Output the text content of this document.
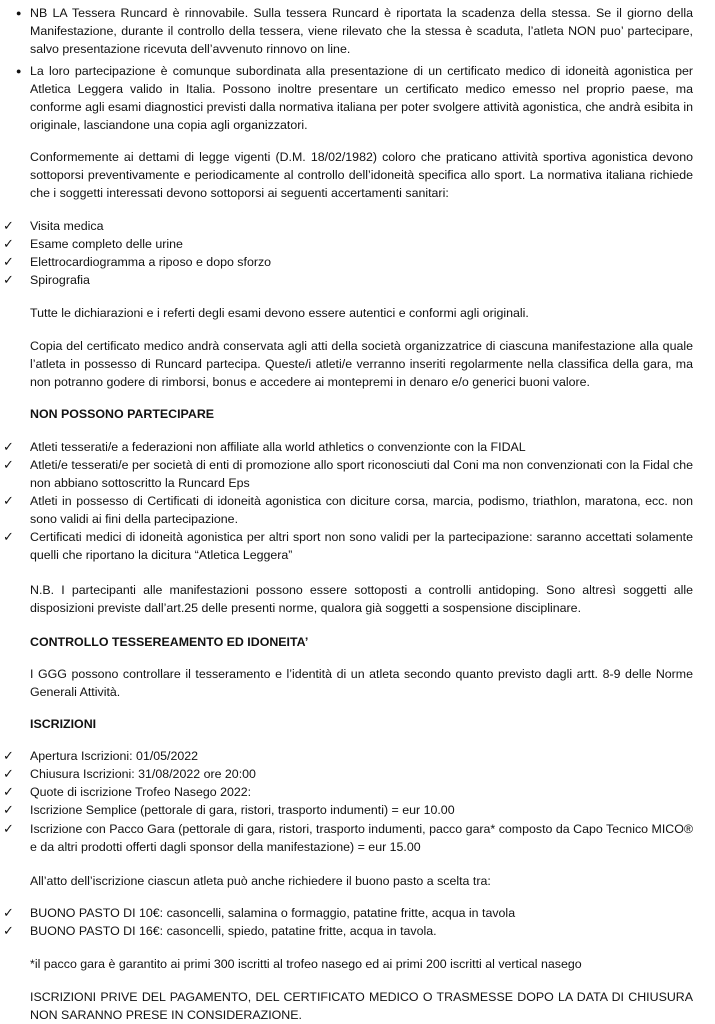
● NB LA Tessera Runcard è rinnovabile. Sulla tessera Runcard è riportata la scadenza della stessa. Se il giorno della Manifestazione, durante il controllo della tessera, viene rilevato che la stessa è scaduta, l’atleta NON puo’ partecipare, salvo presentazione ricevuta dell’avvenuto rinnovo on line.
● La loro partecipazione è comunque subordinata alla presentazione di un certificato medico di idoneità agonistica per Atletica Leggera valido in Italia. Possono inoltre presentare un certificato medico emesso nel proprio paese, ma conforme agli esami diagnostici previsti dalla normativa italiana per poter svolgere attività agonistica, che andrà esibita in originale, lasciandone una copia agli organizzatori.

Conformemente ai dettami di legge vigenti (D.M. 18/02/1982) coloro che praticano attività sportiva agonistica devono sottoporsi preventivamente e periodicamente al controllo dell’idoneità specifica allo sport. La normativa italiana richiede che i soggetti interessati devono sottoporsi ai seguenti accertamenti sanitari:

✓	Visita medica
✓	Esame completo delle urine
✓	Elettrocardiogramma a riposo e dopo sforzo
✓	Spirografia

Tutte le dichiarazioni e i referti degli esami devono essere autentici e conformi agli originali.

Copia del certificato medico andrà conservata agli atti della società organizzatrice di ciascuna manifestazione alla quale l’atleta in possesso di Runcard partecipa. Queste/i atleti/e verranno inseriti regolarmente nella classifica della gara, ma non potranno godere di rimborsi, bonus e accedere ai montepremi in denaro e/o generici buoni valore.

NON POSSONO PARTECIPARE
✓	Atleti tesserati/e a federazioni non affiliate alla world athletics o convenzionte con la FIDAL
✓	Atleti/e tesserati/e per società di enti di promozione allo sport riconosciuti dal Coni ma non convenzionati con la Fidal che non abbiano sottoscritto la Runcard Eps
✓	Atleti in possesso di Certificati di idoneità agonistica con diciture corsa, marcia, podismo, triathlon, maratona, ecc. non sono validi ai fini della partecipazione.
✓	Certificati medici di idoneità agonistica per altri sport non sono validi per la partecipazione: saranno accettati solamente quelli che riportano la dicitura “Atletica Leggera”

N.B. I partecipanti alle manifestazioni possono essere sottoposti a controlli antidoping. Sono altresì soggetti alle disposizioni previste dall’art.25 delle presenti norme, qualora già soggetti a sospensione disciplinare.

CONTROLLO TESSEREAMENTO ED IDONEITA’

I GGG possono controllare il tesseramento e l’identità di un atleta secondo quanto previsto dagli artt. 8-9 delle Norme Generali Attività.

ISCRIZIONI
✓	Apertura Iscrizioni: 01/05/2022
✓	Chiusura Iscrizioni: 31/08/2022 ore 20:00
✓	Quote di iscrizione Trofeo Nasego 2022:
✓	Iscrizione Semplice (pettorale di gara, ristori, trasporto indumenti) = eur 10.00
✓	Iscrizione con Pacco Gara (pettorale di gara, ristori, trasporto indumenti, pacco gara* composto da Capo Tecnico MICO® e da altri prodotti offerti dagli sponsor della manifestazione) = eur 15.00

All’atto dell’iscrizione ciascun atleta può anche richiedere il buono pasto a scelta tra:

✓	BUONO PASTO DI 10€: casoncelli, salamina o formaggio, patatine fritte, acqua in tavola
✓	BUONO PASTO DI 16€: casoncelli, spiedo, patatine fritte, acqua in tavola.

*il pacco gara è garantito ai primi 300 iscritti al trofeo nasego ed ai primi 200 iscritti al vertical nasego

ISCRIZIONI PRIVE DEL PAGAMENTO, DEL CERTIFICATO MEDICO O TRASMESSE DOPO LA DATA DI CHIUSURA NON SARANNO PRESE IN CONSIDERAZIONE.
